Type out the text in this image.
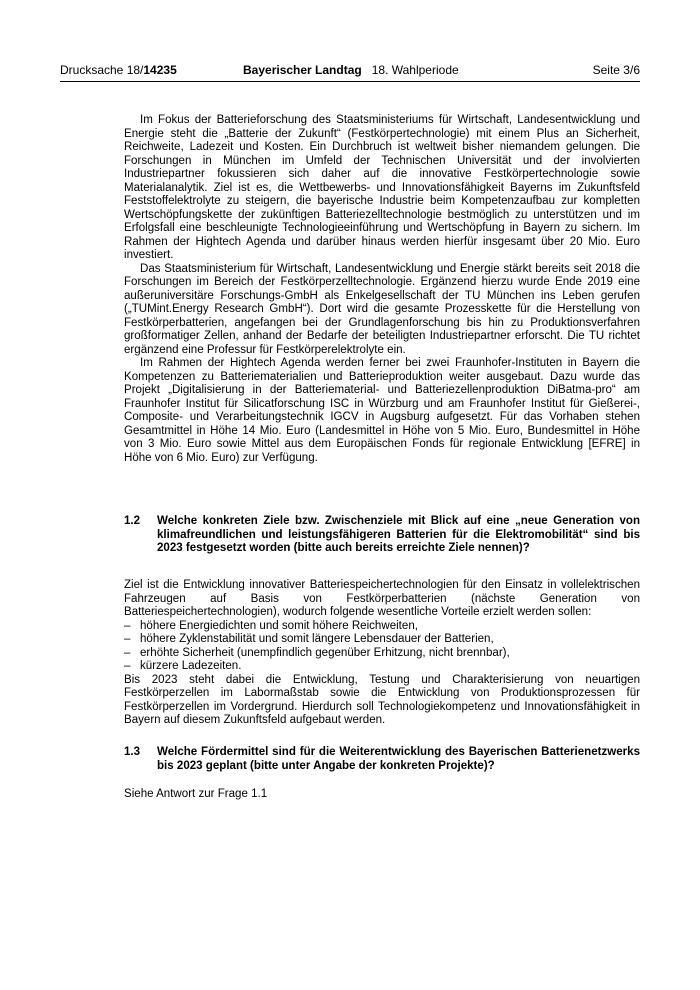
Drucksache 18/14235	Bayerischer Landtag 18. Wahlperiode	Seite 3/6

Im Fokus der Batterieforschung des Staatsministeriums für Wirtschaft, Landesentwicklung und Energie steht die „Batterie der Zukunft“ (Festkörpertechnologie) mit einem Plus an Sicherheit, Reichweite, Ladezeit und Kosten. Ein Durchbruch ist weltweit bisher niemandem gelungen. Die Forschungen in München im Umfeld der Technischen Universität und der involvierten Industriepartner fokussieren sich daher auf die innovative Festkörpertechnologie sowie Materialanalytik. Ziel ist es, die Wettbewerbs- und Innovationsfähigkeit Bayerns im Zukunftsfeld Feststoffelektrolyte zu steigern, die bayerische Industrie beim Kompetenzaufbau zur kompletten Wertschöpfungskette der zukünftigen Batteriezelltechnologie bestmöglich zu unterstützen und im Erfolgsfall eine beschleunigte Technologieeinführung und Wertschöpfung in Bayern zu sichern. Im Rahmen der Hightech Agenda und darüber hinaus werden hierfür insgesamt über 20 Mio. Euro investiert.

Das Staatsministerium für Wirtschaft, Landesentwicklung und Energie stärkt bereits seit 2018 die Forschungen im Bereich der Festkörperzelltechnologie. Ergänzend hierzu wurde Ende 2019 eine außeruniversitäre Forschungs-GmbH als Enkelgesellschaft der TU München ins Leben gerufen („TUMint.Energy Research GmbH“). Dort wird die gesamte Prozesskette für die Herstellung von Festkörperbatterien, angefangen bei der Grundlagenforschung bis hin zu Produktionsverfahren großformatiger Zellen, anhand der Bedarfe der beteiligten Industriepartner erforscht. Die TU richtet ergänzend eine Professur für Festkörperelektrolyte ein.

Im Rahmen der Hightech Agenda werden ferner bei zwei Fraunhofer-Instituten in Bayern die Kompetenzen zu Batteriematerialien und Batterieproduktion weiter ausgebaut. Dazu wurde das Projekt „Digitalisierung in der Batteriematerial- und Batteriezellenproduktion DiBatma-pro“ am Fraunhofer Institut für Silicatforschung ISC in Würzburg und am Fraunhofer Institut für Gießerei-, Composite- und Verarbeitungstechnik IGCV in Augsburg aufgesetzt. Für das Vorhaben stehen Gesamtmittel in Höhe 14 Mio. Euro (Landesmittel in Höhe von 5 Mio. Euro, Bundesmittel in Höhe von 3 Mio. Euro sowie Mittel aus dem Europäischen Fonds für regionale Entwicklung [EFRE] in Höhe von 6 Mio. Euro) zur Verfügung.

1.2 Welche konkreten Ziele bzw. Zwischenziele mit Blick auf eine „neue Generation von klimafreundlichen und leistungsfähigeren Batterien für die Elektromobilität“ sind bis 2023 festgesetzt worden (bitte auch bereits erreichte Ziele nennen)?

Ziel ist die Entwicklung innovativer Batteriespeichertechnologien für den Einsatz in vollelektrischen Fahrzeugen auf Basis von Festkörperbatterien (nächste Generation von Batteriespeichertechnologien), wodurch folgende wesentliche Vorteile erzielt werden sollen:

– höhere Energiedichten und somit höhere Reichweiten,
– höhere Zyklenstabilität und somit längere Lebensdauer der Batterien,
– erhöhte Sicherheit (unempfindlich gegenüber Erhitzung, nicht brennbar),
– kürzere Ladezeiten.

Bis 2023 steht dabei die Entwicklung, Testung und Charakterisierung von neuartigen Festkörperzellen im Labormaßstab sowie die Entwicklung von Produktionsprozessen für Festkörperzellen im Vordergrund. Hierdurch soll Technologiekompetenz und Innovationsfähigkeit in Bayern auf diesem Zukunftsfeld aufgebaut werden.

1.3 Welche Fördermittel sind für die Weiterentwicklung des Bayerischen Batterienetzwerks bis 2023 geplant (bitte unter Angabe der konkreten Projekte)?

Siehe Antwort zur Frage 1.1
